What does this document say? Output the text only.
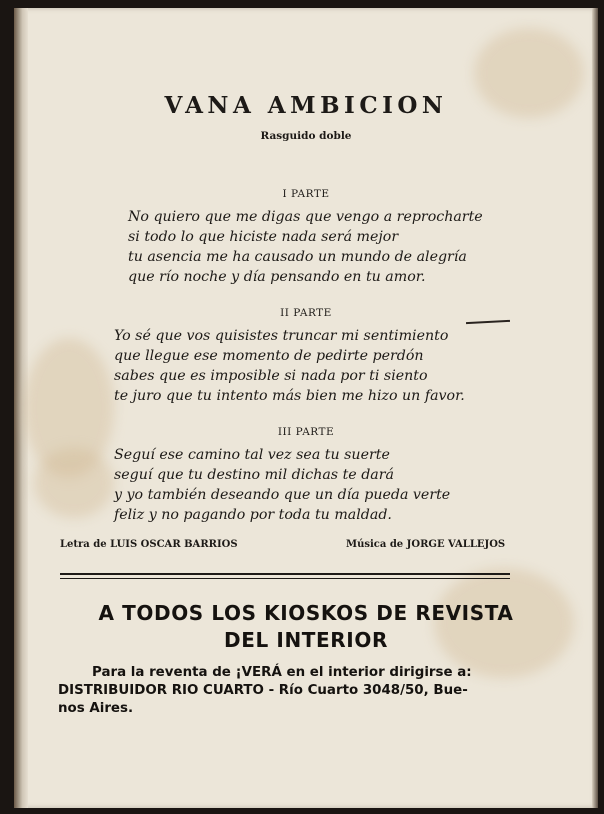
VANA AMBICION
Rasguido doble
I PARTE
No quiero que me digas que vengo a reprocharte
si todo lo que hiciste nada será mejor
tu asencia me ha causado un mundo de alegría
que río noche y día pensando en tu amor.
II PARTE
Yo sé que vos quisistes truncar mi sentimiento
que llegue ese momento de pedirte perdón
sabes que es imposible si nada por ti siento
te juro que tu intento más bien me hizo un favor.
III PARTE
Seguí ese camino tal vez sea tu suerte
seguí que tu destino mil dichas te dará
y yo también deseando que un día pueda verte
feliz y no pagando por toda tu maldad.
Letra de LUIS OSCAR BARRIOS	Música de JORGE VALLEJOS
A TODOS LOS KIOSKOS DE REVISTA
DEL INTERIOR
Para la reventa de ¡VERÁ en el interior dirigirse a:
DISTRIBUIDOR RIO CUARTO - Río Cuarto 3048/50, Bue-
nos Aires.
